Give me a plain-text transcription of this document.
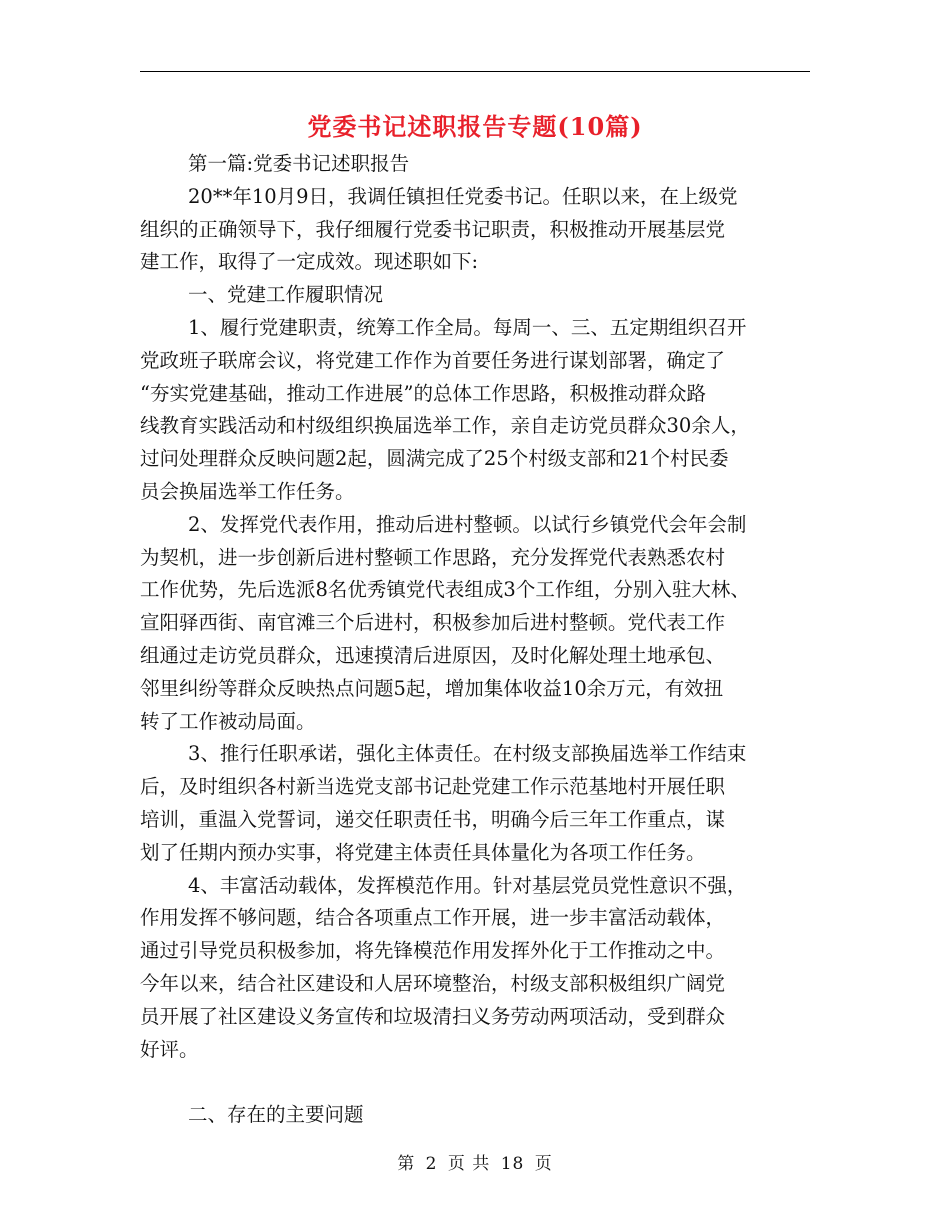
党委书记述职报告专题(10篇)
第一篇:党委书记述职报告
20**年10月9日，我调任镇担任党委书记。任职以来，在上级党
组织的正确领导下，我仔细履行党委书记职责，积极推动开展基层党
建工作，取得了一定成效。现述职如下:
一、党建工作履职情况
1、履行党建职责，统筹工作全局。每周一、三、五定期组织召开
党政班子联席会议，将党建工作作为首要任务进行谋划部署，确定了
“夯实党建基础，推动工作进展”的总体工作思路，积极推动群众路
线教育实践活动和村级组织换届选举工作，亲自走访党员群众30余人，
过问处理群众反映问题2起，圆满完成了25个村级支部和21个村民委
员会换届选举工作任务。
2、发挥党代表作用，推动后进村整顿。以试行乡镇党代会年会制
为契机，进一步创新后进村整顿工作思路，充分发挥党代表熟悉农村
工作优势，先后选派8名优秀镇党代表组成3个工作组，分别入驻大林、
宣阳驿西街、南官滩三个后进村，积极参加后进村整顿。党代表工作
组通过走访党员群众，迅速摸清后进原因，及时化解处理土地承包、
邻里纠纷等群众反映热点问题5起，增加集体收益10余万元，有效扭
转了工作被动局面。
3、推行任职承诺，强化主体责任。在村级支部换届选举工作结束
后，及时组织各村新当选党支部书记赴党建工作示范基地村开展任职
培训，重温入党誓词，递交任职责任书，明确今后三年工作重点，谋
划了任期内预办实事，将党建主体责任具体量化为各项工作任务。
4、丰富活动载体，发挥模范作用。针对基层党员党性意识不强，
作用发挥不够问题，结合各项重点工作开展，进一步丰富活动载体，
通过引导党员积极参加，将先锋模范作用发挥外化于工作推动之中。
今年以来，结合社区建设和人居环境整治，村级支部积极组织广阔党
员开展了社区建设义务宣传和垃圾清扫义务劳动两项活动，受到群众
好评。
二、存在的主要问题
第 2 页 共 18 页
